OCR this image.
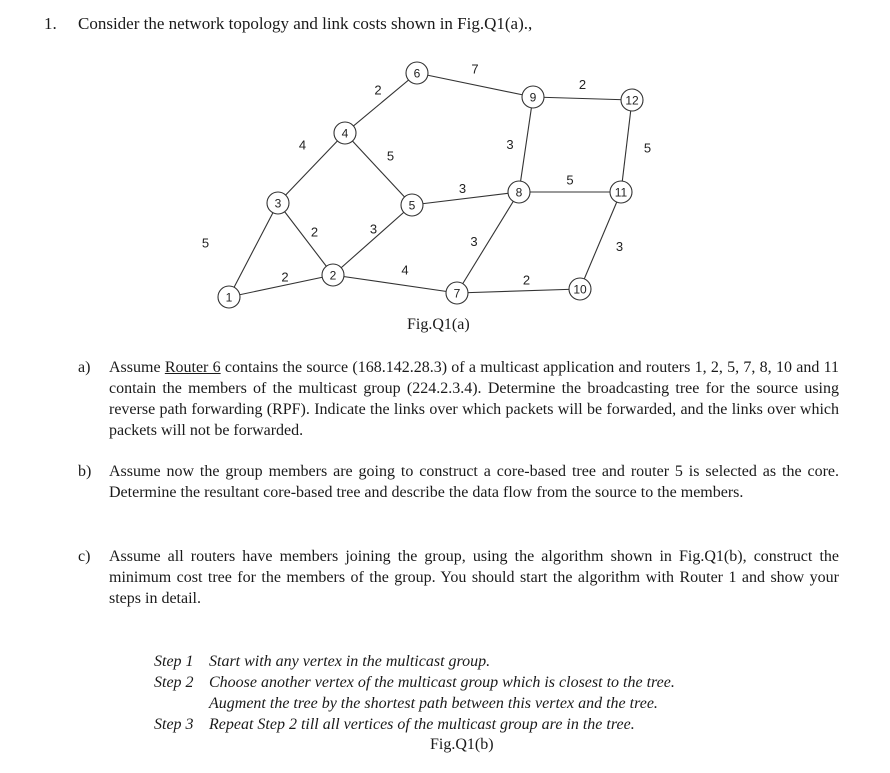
1. Consider the network topology and link costs shown in Fig.Q1(a).,
5
2
4
2
2
5
3
4
3
7
3
2
3
5
2
5
3
1
2
3
4
5
6
7
8
9
10
11
12
Fig.Q1(a)
a) Assume Router 6 contains the source (168.142.28.3) of a multicast application and routers 1, 2, 5, 7, 8, 10 and 11 contain the members of the multicast group (224.2.3.4). Determine the broadcasting tree for the source using reverse path forwarding (RPF). Indicate the links over which packets will be forwarded, and the links over which packets will not be forwarded.
b) Assume now the group members are going to construct a core-based tree and router 5 is selected as the core. Determine the resultant core-based tree and describe the data flow from the source to the members.
c) Assume all routers have members joining the group, using the algorithm shown in Fig.Q1(b), construct the minimum cost tree for the members of the group. You should start the algorithm with Router 1 and show your steps in detail.
Step 1 Start with any vertex in the multicast group.
Step 2 Choose another vertex of the multicast group which is closest to the tree.
Augment the tree by the shortest path between this vertex and the tree.
Step 3 Repeat Step 2 till all vertices of the multicast group are in the tree.
Fig.Q1(b)
